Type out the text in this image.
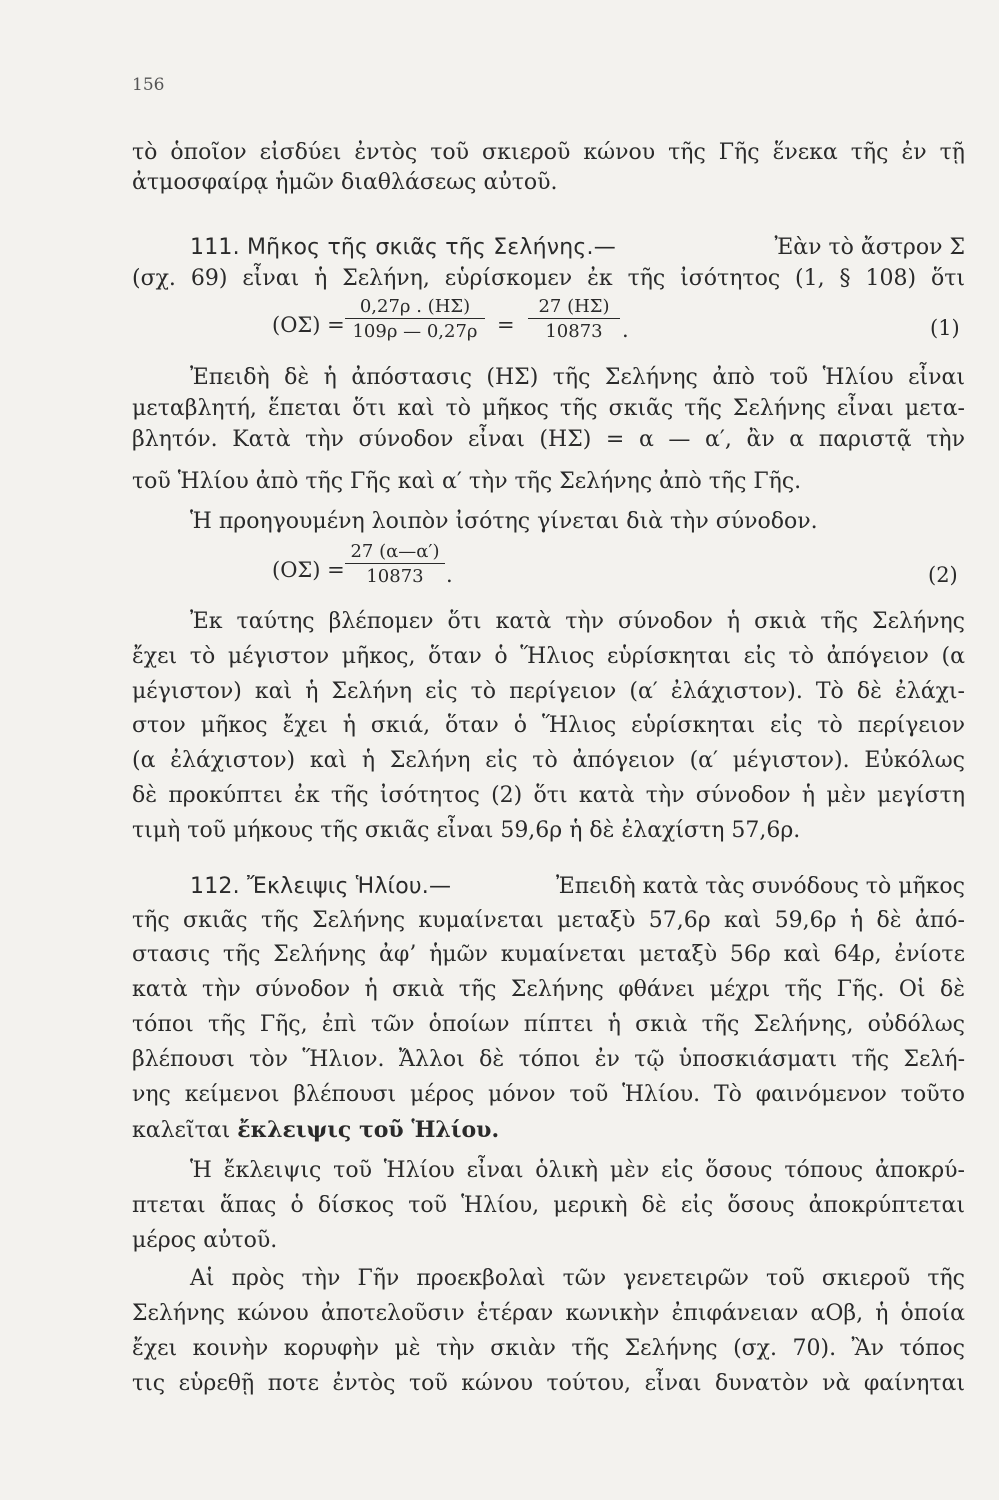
156
τὸ ὁποῖον εἰσδύει ἐντὸς τοῦ σκιεροῦ κώνου τῆς Γῆς ἕνεκα τῆς ἐν τῇ
ἀτμοσφαίρᾳ ἡμῶν διαθλάσεως αὐτοῦ.
111. Μῆκος τῆς σκιᾶς τῆς Σελήνης.—	Ἐὰν τὸ ἄστρον Σ
(σχ. 69) εἶναι ἡ Σελήνη, εὑρίσκομεν ἐκ τῆς ἰσότητος (1, § 108) ὅτι
$(O\Sigma) = \frac{0,27\rho . (H\Sigma)}{109\rho — 0,27\rho} = \frac{27 (H\Sigma)}{10873}$ .	(1)
Ἐπειδὴ δὲ ἡ ἀπόστασις (ΗΣ) τῆς Σελήνης ἀπὸ τοῦ Ἡλίου εἶναι
μεταβλητή, ἕπεται ὅτι καὶ τὸ μῆκος τῆς σκιᾶς τῆς Σελήνης εἶναι μετα-
βλητόν. Κατὰ τὴν σύνοδον εἶναι (ΗΣ) = α — α′, ἂν α παριστᾷ τὴν
τοῦ Ἡλίου ἀπὸ τῆς Γῆς καὶ α′ τὴν τῆς Σελήνης ἀπὸ τῆς Γῆς.
Ἡ προηγουμένη λοιπὸν ἰσότης γίνεται διὰ τὴν σύνοδον.
$(O\Sigma) = \frac{27 (\alpha—\alpha')}{10873}$ .	(2)
Ἐκ ταύτης βλέπομεν ὅτι κατὰ τὴν σύνοδον ἡ σκιὰ τῆς Σελήνης
ἔχει τὸ μέγιστον μῆκος, ὅταν ὁ Ἥλιος εὑρίσκηται εἰς τὸ ἀπόγειον (α
μέγιστον) καὶ ἡ Σελήνη εἰς τὸ περίγειον (α′ ἐλάχιστον). Τὸ δὲ ἐλάχι-
στον μῆκος ἔχει ἡ σκιά, ὅταν ὁ Ἥλιος εὑρίσκηται εἰς τὸ περίγειον
(α ἐλάχιστον) καὶ ἡ Σελήνη εἰς τὸ ἀπόγειον (α′ μέγιστον). Εὐκόλως
δὲ προκύπτει ἐκ τῆς ἰσότητος (2) ὅτι κατὰ τὴν σύνοδον ἡ μὲν μεγίστη
τιμὴ τοῦ μήκους τῆς σκιᾶς εἶναι 59,6ρ ἡ δὲ ἐλαχίστη 57,6ρ.
112. Ἔκλειψις Ἡλίου.—	Ἐπειδὴ κατὰ τὰς συνόδους τὸ μῆκος
τῆς σκιᾶς τῆς Σελήνης κυμαίνεται μεταξὺ 57,6ρ καὶ 59,6ρ ἡ δὲ ἀπό-
στασις τῆς Σελήνης ἀφ’ ἡμῶν κυμαίνεται μεταξὺ 56ρ καὶ 64ρ, ἐνίοτε
κατὰ τὴν σύνοδον ἡ σκιὰ τῆς Σελήνης φθάνει μέχρι τῆς Γῆς. Οἱ δὲ
τόποι τῆς Γῆς, ἐπὶ τῶν ὁποίων πίπτει ἡ σκιὰ τῆς Σελήνης, οὐδόλως
βλέπουσι τὸν Ἥλιον. Ἄλλοι δὲ τόποι ἐν τῷ ὑποσκιάσματι τῆς Σελή-
νης κείμενοι βλέπουσι μέρος μόνον τοῦ Ἡλίου. Τὸ φαινόμενον τοῦτο
καλεῖται ἔκλειψις τοῦ Ἡλίου.
Ἡ ἔκλειψις τοῦ Ἡλίου εἶναι ὁλικὴ μὲν εἰς ὅσους τόπους ἀποκρύ-
πτεται ἅπας ὁ δίσκος τοῦ Ἡλίου, μερικὴ δὲ εἰς ὅσους ἀποκρύπτεται
μέρος αὐτοῦ.
Αἱ πρὸς τὴν Γῆν προεκβολαὶ τῶν γενετειρῶν τοῦ σκιεροῦ τῆς
Σελήνης κώνου ἀποτελοῦσιν ἑτέραν κωνικὴν ἐπιφάνειαν αΟβ, ἡ ὁποία
ἔχει κοινὴν κορυφὴν μὲ τὴν σκιὰν τῆς Σελήνης (σχ. 70). Ἂν τόπος
τις εὑρεθῇ ποτε ἐντὸς τοῦ κώνου τούτου, εἶναι δυνατὸν νὰ φαίνηται
